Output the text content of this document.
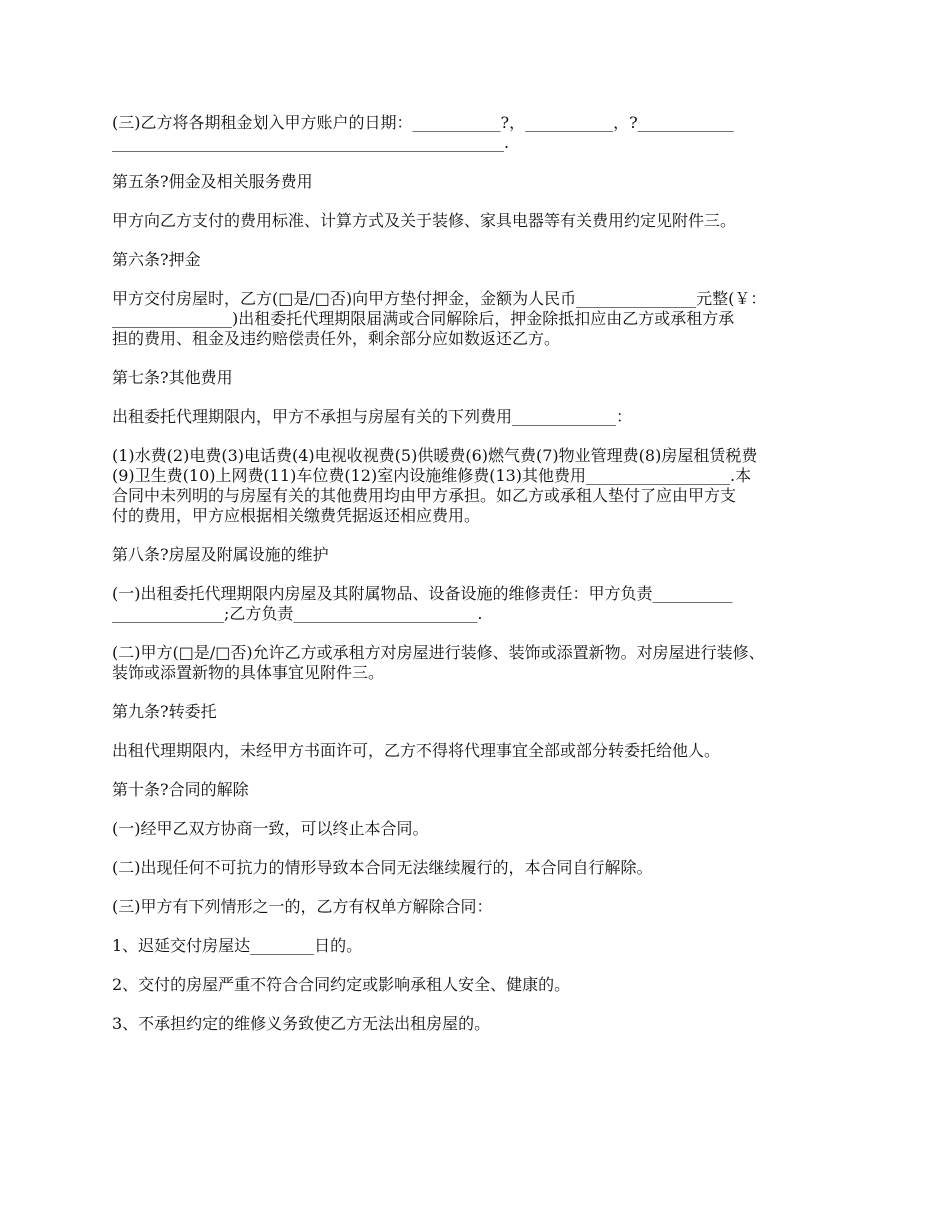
(三)乙方将各期租金划入甲方账户的日期：___________?，___________，?____________
_________________________________________________.
第五条?佣金及相关服务费用
甲方向乙方支付的费用标准、计算方式及关于装修、家具电器等有关费用约定见附件三。
第六条?押金
甲方交付房屋时，乙方(□是/□否)向甲方垫付押金，金额为人民币_______________元整(￥：
_______________)出租委托代理期限届满或合同解除后，押金除抵扣应由乙方或承租方承
担的费用、租金及违约赔偿责任外，剩余部分应如数返还乙方。
第七条?其他费用
出租委托代理期限内，甲方不承担与房屋有关的下列费用_____________：
(1)水费(2)电费(3)电话费(4)电视收视费(5)供暖费(6)燃气费(7)物业管理费(8)房屋租赁税费
(9)卫生费(10)上网费(11)车位费(12)室内设施维修费(13)其他费用__________________.本
合同中未列明的与房屋有关的其他费用均由甲方承担。如乙方或承租人垫付了应由甲方支
付的费用，甲方应根据相关缴费凭据返还相应费用。
第八条?房屋及附属设施的维护
(一)出租委托代理期限内房屋及其附属物品、设备设施的维修责任：甲方负责__________
______________;乙方负责_______________________.
(二)甲方(□是/□否)允许乙方或承租方对房屋进行装修、装饰或添置新物。对房屋进行装修、
装饰或添置新物的具体事宜见附件三。
第九条?转委托
出租代理期限内，未经甲方书面许可，乙方不得将代理事宜全部或部分转委托给他人。
第十条?合同的解除
(一)经甲乙双方协商一致，可以终止本合同。
(二)出现任何不可抗力的情形导致本合同无法继续履行的，本合同自行解除。
(三)甲方有下列情形之一的，乙方有权单方解除合同：
1、迟延交付房屋达________日的。
2、交付的房屋严重不符合合同约定或影响承租人安全、健康的。
3、不承担约定的维修义务致使乙方无法出租房屋的。
